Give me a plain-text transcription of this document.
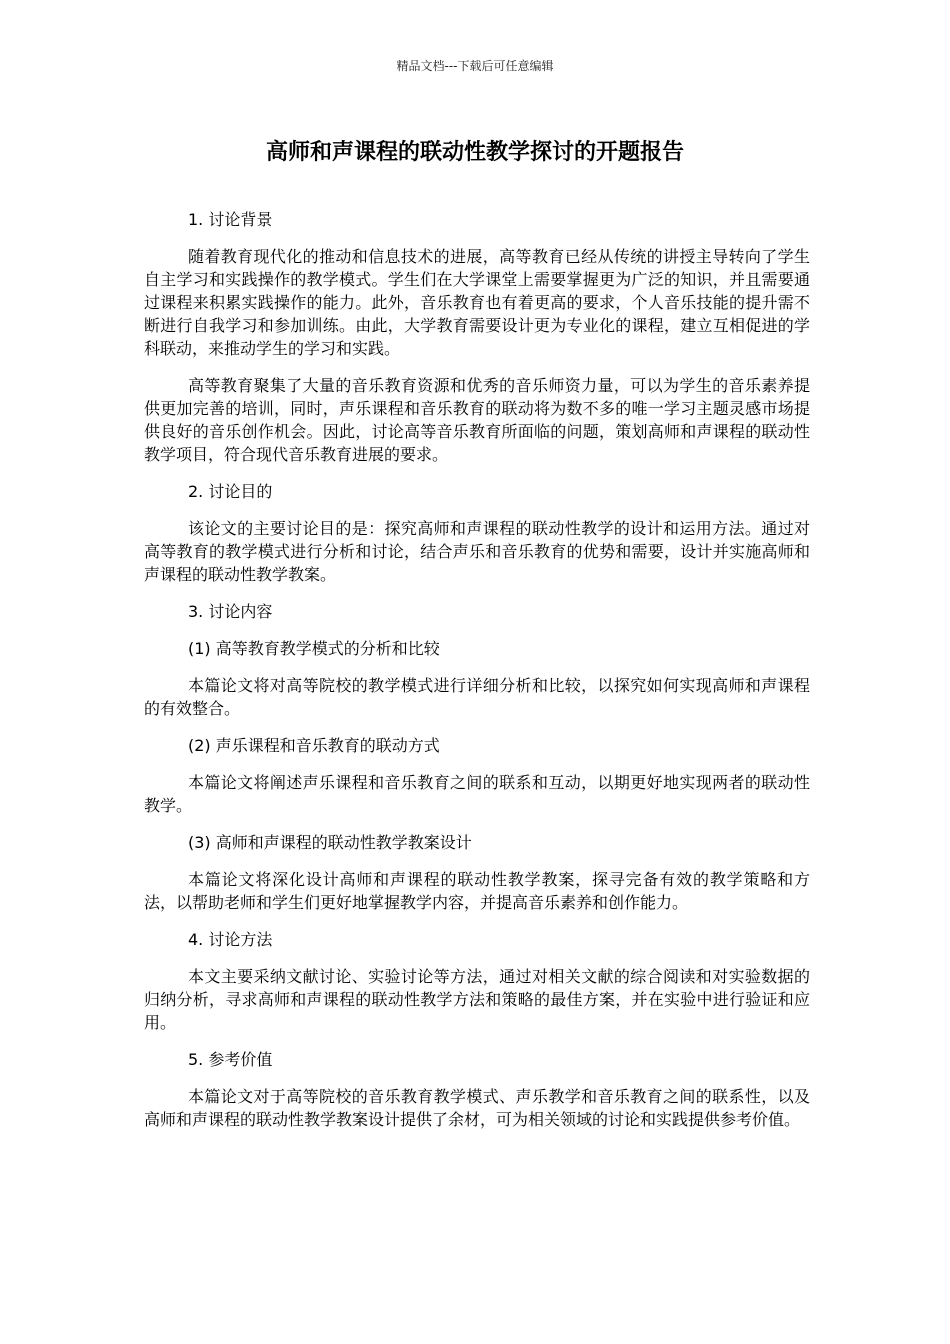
精品文档---下载后可任意编辑
高师和声课程的联动性教学探讨的开题报告

1. 讨论背景

随着教育现代化的推动和信息技术的进展，高等教育已经从传统的讲授主导转向了学生自主学习和实践操作的教学模式。学生们在大学课堂上需要掌握更为广泛的知识，并且需要通过课程来积累实践操作的能力。此外，音乐教育也有着更高的要求，个人音乐技能的提升需不断进行自我学习和参加训练。由此，大学教育需要设计更为专业化的课程，建立互相促进的学科联动，来推动学生的学习和实践。

高等教育聚集了大量的音乐教育资源和优秀的音乐师资力量，可以为学生的音乐素养提供更加完善的培训，同时，声乐课程和音乐教育的联动将为数不多的唯一学习主题灵感市场提供良好的音乐创作机会。因此，讨论高等音乐教育所面临的问题，策划高师和声课程的联动性教学项目，符合现代音乐教育进展的要求。

2. 讨论目的

该论文的主要讨论目的是：探究高师和声课程的联动性教学的设计和运用方法。通过对高等教育的教学模式进行分析和讨论，结合声乐和音乐教育的优势和需要，设计并实施高师和声课程的联动性教学教案。

3. 讨论内容

(1) 高等教育教学模式的分析和比较

本篇论文将对高等院校的教学模式进行详细分析和比较，以探究如何实现高师和声课程的有效整合。

(2) 声乐课程和音乐教育的联动方式

本篇论文将阐述声乐课程和音乐教育之间的联系和互动，以期更好地实现两者的联动性教学。

(3) 高师和声课程的联动性教学教案设计

本篇论文将深化设计高师和声课程的联动性教学教案，探寻完备有效的教学策略和方法，以帮助老师和学生们更好地掌握教学内容，并提高音乐素养和创作能力。

4. 讨论方法

本文主要采纳文献讨论、实验讨论等方法，通过对相关文献的综合阅读和对实验数据的归纳分析，寻求高师和声课程的联动性教学方法和策略的最佳方案，并在实验中进行验证和应用。

5. 参考价值

本篇论文对于高等院校的音乐教育教学模式、声乐教学和音乐教育之间的联系性，以及高师和声课程的联动性教学教案设计提供了余材，可为相关领域的讨论和实践提供参考价值。
